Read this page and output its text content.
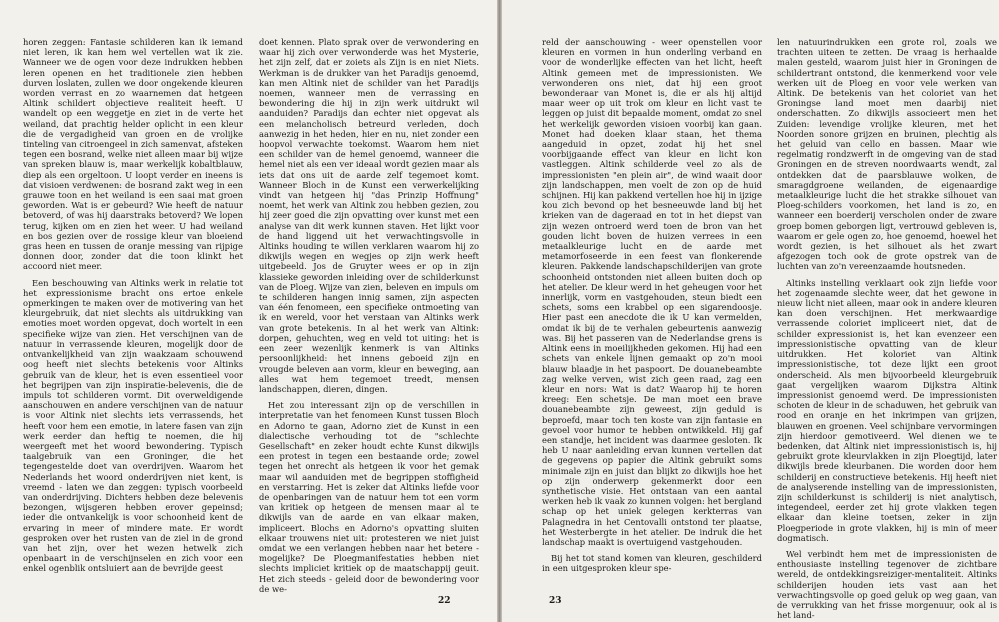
horen zeggen: Fantasie schilderen kan ik iemand niet leren, ik kan hem wel vertellen wat ik zie. Wanneer we de ogen voor deze indrukken hebben leren openen en het traditionele zien hebben durven loslaten, zullen we door ongekende kleuren worden verrast en zo waarnemen dat hetgeen Altink schildert objectieve realiteit heeft. U wandelt op een weggetje en ziet in de verte het weiland, dat prachtig helder oplicht in een kleur die de vergadigheid van groen en de vrolijke tinteling van citroengeel in zich samenvat, afsteken tegen een bosrand, welke niet alleen maar bij wijze van spreken blauw is, maar werkelijk kobaltblauw, diep als een orgeltoon. U loopt verder en ineens is dat visioen verdwenen: de bosrand zakt weg in een grauwe toon en het weiland is een saai mat groen geworden. Wat is er gebeurd? Wie heeft de natuur betoverd, of was hij daarstraks betoverd? We lopen terug, kijken om en zien het weer. U had weiland en bos gezien over de rossige kleur van bloeiend gras heen en tussen de oranje messing van rijpige donnen door, zonder dat die toon klinkt het accoord niet meer.

Een beschouwing van Altinks werk in relatie tot het expressionisme bracht ons ertoe enkele opmerkingen te maken over de motivering van het kleurgebruik, dat niet slechts als uitdrukking van emoties moet worden opgevat, doch wortelt in een specifieke wijze van zien. Het verschijnen van de natuur in verrassende kleuren, mogelijk door de ontvankelijkheid van zijn waakzaam schouwend oog heeft niet slechts betekenis voor Altinks gebruik van de kleur, het is even essentieel voor het begrijpen van zijn inspiratie-belevenis, die de impuls tot schilderen vormt. Dit overweldigende aanschouwen en andere verschijnen van de natuur is voor Altink niet slechts iets verrassends, het heeft voor hem een emotie, in latere fasen van zijn werk eerder dan heftig te noemen, die hij weergeeft met het woord bewondering. Typisch taalgebruik van een Groninger, die het tegengestelde doet van overdrijven. Waarom het Nederlands het woord onderdrijven niet kent, is vreemd - laten we dan zeggen: typisch voorbeeld van onderdrijving. Dichters hebben deze belevenis bezongen, wijsgeren hebben erover gepeinsd; ieder die ontvankelijk is voor schoonheid kent de ervaring in meer of mindere mate. Er wordt gesproken over het rusten van de ziel in de grond van het zijn, over het wezen hetwelk zich openbaart in de verschijnselen en zich voor een enkel ogenblik ontsluiert aan de bevrijde geest

doet kennen. Plato sprak over de verwondering en waar hij zich over verwonderde was het Mysterie, het zijn zelf, dat er zoiets als Zijn is en niet Niets. Werkman is de drukker van het Paradijs genoemd, kan men Altink niet de schilder van het Paradijs noemen, wanneer men de verrassing en bewondering die hij in zijn werk uitdrukt wil aanduiden? Paradijs dan echter niet opgevat als een melancholisch betreurd verleden, doch aanwezig in het heden, hier en nu, niet zonder een hoopvol verwachte toekomst. Waarom hem niet een schilder van de hemel genoemd, wanneer die hemel niet als een ver ideaal wordt gezien maar als iets dat ons uit de aarde zelf tegemoet komt. Wanneer Bloch in de Kunst een verwerkelijking vindt van hetgeen hij "das Prinzip Hoffnung" noemt, het werk van Altink zou hebben gezien, zou hij zeer goed die zijn opvatting over kunst met een analyse van dit werk kunnen staven. Het lijkt voor de hand liggend uit het verwachtingsvolle in Altinks houding te willen verklaren waarom hij zo dikwijls wegen en wegjes op zijn werk heeft uitgebeeld. Jos de Gruyter wees er op in zijn klassieke geworden inleiding over de schilderkunst van de Ploeg. Wijze van zien, beleven en impuls om te schilderen hangen innig samen, zijn aspecten van één fenomeen, een specifieke ontmoeting van ik en wereld, voor het verstaan van Altinks werk van grote betekenis. In al het werk van Altink: dorpen, gehuchten, weg en veld tot uiting: het is een zeer wezenlijk kenmerk is van Altinks persoonlijkheid: het innens geboeid zijn en vrougde beleven aan vorm, kleur en beweging, aan alles wat hem tegemoet treedt, mensen landschappen, dieren, dingen.

Het zou interessant zijn op de verschillen in interpretatie van het fenomeen Kunst tussen Bloch en Adorno te gaan, Adorno ziet de Kunst in een dialectische verhouding tot de "schlechte Gesellschaft" en zeker houdt echte Kunst dikwijls een protest in tegen een bestaande orde; zowel tegen het onrecht als hetgeen ik voor het gemak maar wil aanduiden met de begrippen stoffigheid en verstarring. Het is zeker dat Altinks liefde voor de openbaringen van de natuur hem tot een vorm van kritiek op hetgeen de mensen maar al te dikwijls van de aarde en van elkaar maken, impliceert. Blochs en Adorno's opvatting sluiten elkaar trouwens niet uit: protesteren we niet juist omdat we een verlangen hebben naar het betere - mogelijke? De Ploegmanifestaties hebben niet slechts impliciet kritiek op de maatschappij geuit. Het zich steeds - geleid door de bewondering voor de we-

22

reld der aanschouwing - weer openstellen voor kleuren en vormen in hun onderling verband en voor de wonderlijke effecten van het licht, heeft Altink gemeen met de impressionisten. We verwonderen ons niet, dat hij een groot bewonderaar van Monet is, die er als hij altijd maar weer op uit trok om kleur en licht vast te leggen op juist dit bepaalde moment, omdat zo snel het werkelijk geworden visioen voorbij kan gaan. Monet had doeken klaar staan, het thema aangeduid in opzet, zodat hij het snel voorbijgaande effect van kleur en licht kon vastleggen. Altink schilderde veel zo als de impressionisten "en plein air", de wind waait door zijn landschappen, men voelt de zon op de huid schijnen. Hij kan pakkend vertellen hoe hij in ijzige kou zich bevond op het besneeuwde land bij het krieken van de dageraad en tot in het diepst van zijn wezen ontroerd werd toen de bron van het gouden licht boven de huizen verrees in een metaalkleurige lucht en de aarde met metamorfoseerde in een feest van flonkerende kleuren. Pakkende landschapschilderijen van grote schoonheid ontstonden niet alleen buiten doch op het atelier. De kleur werd in het geheugen voor het innerlijk, vorm en vastgehouden, steun biedt een schets, soms een krabbel op een sigarendoosje. Hier past een anecdote die ik U kan vermelden, omdat ik bij de te verhalen gebeurtenis aanwezig was. Bij het passeren van de Nederlandse grens is Altink eens in moeilijkheden gekomen. Hij had een schets van enkele lijnen gemaakt op zo'n mooi blauw blaadje in het paspoort. De douanebeambte zag welke verven, wist zich geen raad, zag een kleur en nors: Wat is dat? Waarop hij te horen kreeg: Een schetsje. De man moet een brave douanebeambte zijn geweest, zijn geduld is beproefd, maar toch ten koste van zijn fantasie en gevoel voor humor te hebben ontwikkeld. Hij gaf een standje, het incident was daarmee gesloten. Ik heb U naar aanleiding ervan kunnen vertellen dat de gegevens op papier die Altink gebruikt soms minimale zijn en juist dan blijkt zo dikwijls hoe het op zijn onderwerp gekenmerkt door een synthetische visie. Het ontstaan van een aantal werken heb ik vaak zo kunnen volgen: het bergland schap op het uniek gelegen kerkterras van Palagnedra in het Centovalli ontstond ter plaatse, het Westerbergte in het atelier. De indruk die het landschap maakt is overtuigend vastgehouden.

Bij het tot stand komen van kleuren, geschilderd in een uitgesproken kleur spe-

len natuurindrukken een grote rol, zoals we trachten uiteen te zetten. De vraag is herhaalde malen gesteld, waarom juist hier in Groningen de schildertrant ontstond, die kenmerkend voor vele werken uit de Ploeg en voor vele werken van Altink. De betekenis van het coloriet van het Groningse land moet men daarbij niet onderschatten. Zo dikwijls associeert men het Zuiden: levendige vrolijke kleuren, met het Noorden sonore grijzen en bruinen, plechtig als het geluid van cello en bassen. Maar wie regelmatig rondzwerft in de omgeving van de stad Groningen en de streven noordwaarts wendt, zal ontdekken dat de paarsblauwe wolken, de smaragdgroene weilanden, de eigenaardige metaalkleurige lucht die het strakke silhouet van Ploeg-schilders voorkomen, het land is zo, en wanneer een boerderij verscholen onder de zware groep bomen geborgen ligt, vertrouwd gebleven is, waarom er gele ogen zo, hoe genoemd, hoewel het wordt gezien, is het silhouet als het zwart afgezogen toch ook de grote opstrek van de luchten van zo'n vereenzaamde houtsneden.

Altinks instelling verklaart ook zijn liefde voor het zogenaamde slechte weer, dat het gewone in nieuw licht niet alleen, maar ook in andere kleuren kan doen verschijnen. Het merkwaardige verrassende coloriet impliceert niet, dat de schilder expressionist is, het kan evenzeer een impressionistische opvatting van de kleur uitdrukken. Het koloriet van Altink impressionistische, tot deze lijkt een groot onderscheid. Als men bijvoorbeeld kleurgebruik gaat vergelijken waarom Dijkstra Altink impressionist genoemd werd. De impressionisten schoten de kleur in de schaduwen, het gebruik van rood en oranje en het inkrimpen van grijzen, blauwen en groenen. Veel schijnbare vervormingen zijn hierdoor gemotiveerd. Wel dienen we te bedenken, dat Altink niet impressionistisch is, hij gebruikt grote kleurvlakken in zijn Ploegtijd, later dikwijls brede kleurbanen. Die worden door hem schilderij en constructieve betekenis. Hij heeft niet de analyserende instelling van de impressionisten, zijn schilderkunst is schilderij is niet analytisch, integendeel, eerder zet hij grote vlakken tegen elkaar dan kleine toetsen, zeker in zijn Ploegperiode in grote vlakken, hij is min of meer dogmatisch.

Wel verbindt hem met de impressionisten de enthousiaste instelling tegenover de zichtbare wereld, de ontdekkingsreiziger-mentaliteit. Altinks schilderijen houden iets vast aan het verwachtingsvolle op goed geluk op weg gaan, van de verrukking van het frisse morgenuur, ook al is het land-

23
